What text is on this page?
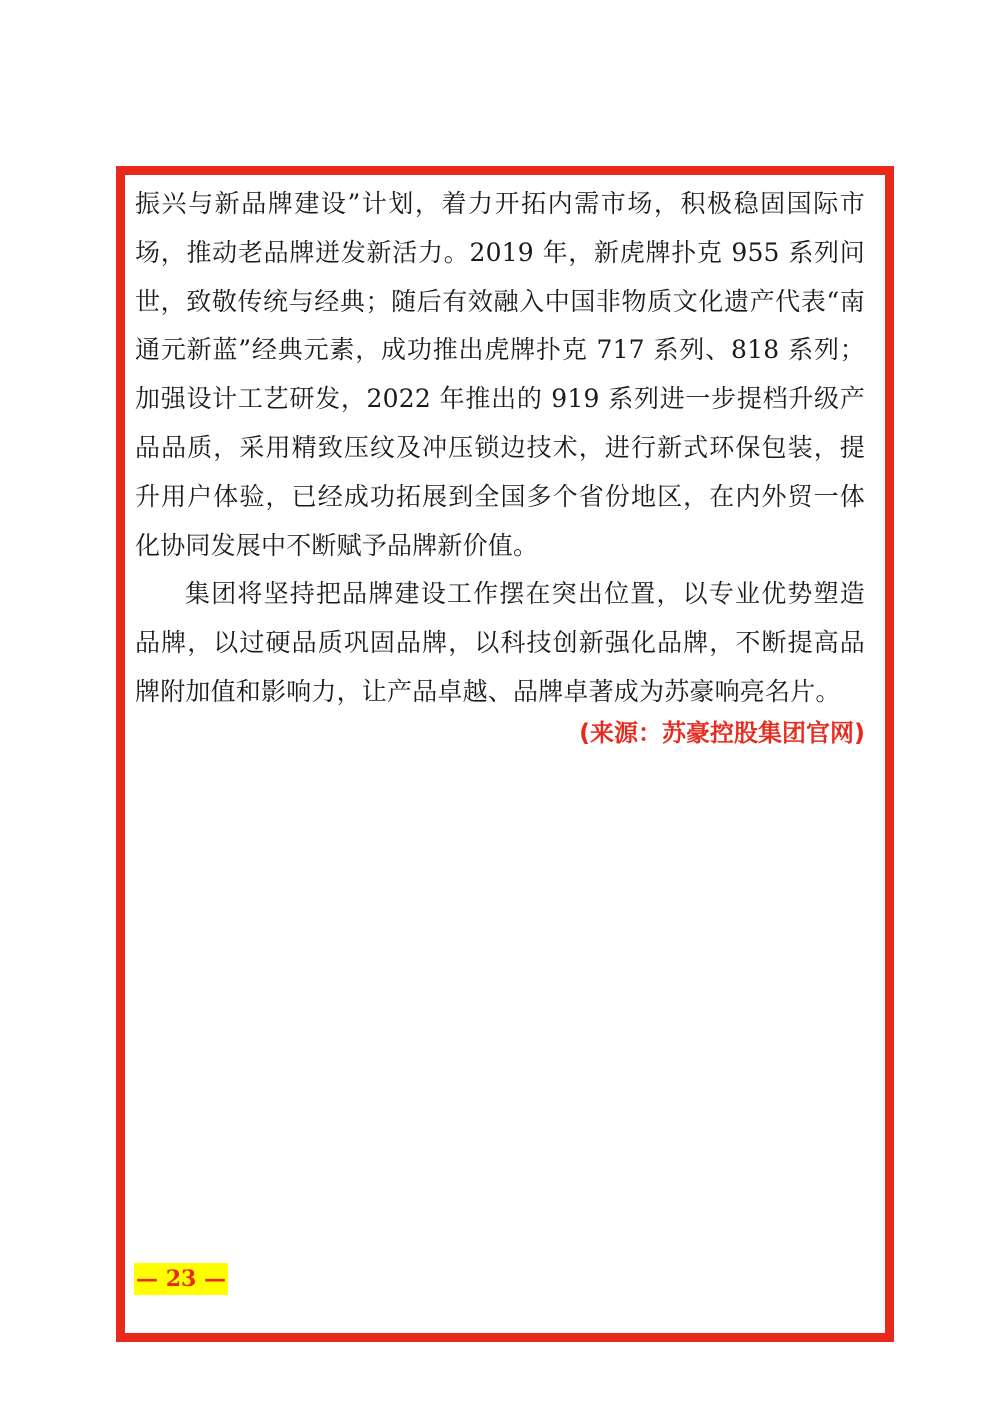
振兴与新品牌建设”计划，着力开拓内需市场，积极稳固国际市场，推动老品牌迸发新活力。2019 年，新虎牌扑克 955 系列问世，致敬传统与经典；随后有效融入中国非物质文化遗产代表“南通元新蓝”经典元素，成功推出虎牌扑克 717 系列、818 系列；加强设计工艺研发，2022 年推出的 919 系列进一步提档升级产品品质，采用精致压纹及冲压锁边技术，进行新式环保包装，提升用户体验，已经成功拓展到全国多个省份地区，在内外贸一体化协同发展中不断赋予品牌新价值。

集团将坚持把品牌建设工作摆在突出位置，以专业优势塑造品牌，以过硬品质巩固品牌，以科技创新强化品牌，不断提高品牌附加值和影响力，让产品卓越、品牌卓著成为苏豪响亮名片。

(来源：苏豪控股集团官网)
— 23 —
